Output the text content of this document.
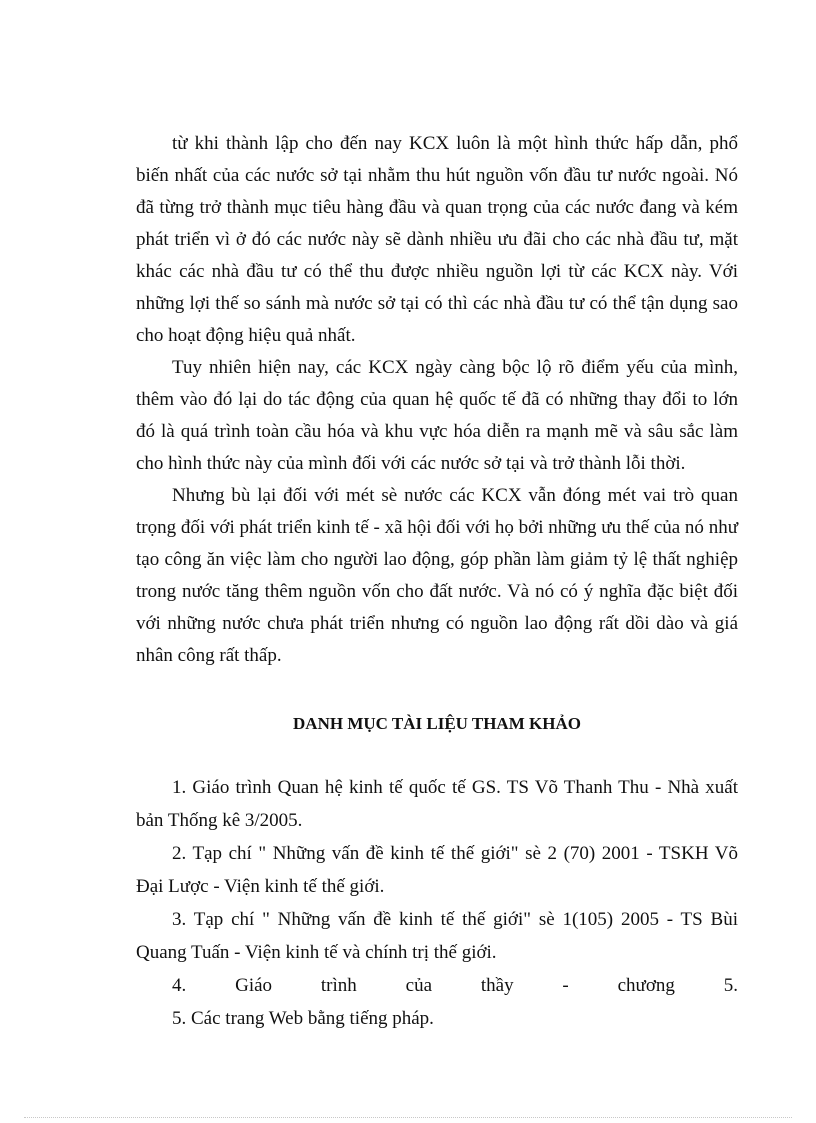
từ khi thành lập cho đến nay KCX luôn là một hình thức hấp dẫn, phổ biến nhất của các nước sở tại nhằm thu hút nguồn vốn đầu tư nước ngoài. Nó đã từng trở thành mục tiêu hàng đầu và quan trọng của các nước đang và kém phát triển vì ở đó các nước này sẽ dành nhiều ưu đãi cho các nhà đầu tư, mặt khác các nhà đầu tư có thể thu được nhiều nguồn lợi từ các KCX này. Với những lợi thế so sánh mà nước sở tại có thì các nhà đầu tư có thể tận dụng sao cho hoạt động hiệu quả nhất.

Tuy nhiên hiện nay, các KCX ngày càng bộc lộ rõ điểm yếu của mình, thêm vào đó lại do tác động của quan hệ quốc tế đã có những thay đổi to lớn đó là quá trình toàn cầu hóa và khu vực hóa diễn ra mạnh mẽ và sâu sắc làm cho hình thức này của mình đối với các nước sở tại và trở thành lỗi thời.

Nhưng bù lại đối với mét sè nước các KCX vẫn đóng mét vai trò quan trọng đối với phát triển kinh tế - xã hội đối với họ bởi những ưu thế của nó như tạo công ăn việc làm cho người lao động, góp phần làm giảm tỷ lệ thất nghiệp trong nước tăng thêm nguồn vốn cho đất nước. Và nó có ý nghĩa đặc biệt đối với những nước chưa phát triển nhưng có nguồn lao động rất dồi dào và giá nhân công rất thấp.

DANH MỤC TÀI LIỆU THAM KHẢO

1. Giáo trình Quan hệ kinh tế quốc tế GS. TS Võ Thanh Thu - Nhà xuất bản Thống kê 3/2005.

2. Tạp chí " Những vấn đề kinh tế thế giới" sè 2 (70) 2001 - TSKH Võ Đại Lược - Viện kinh tế thế giới.

3. Tạp chí " Những vấn đề kinh tế thế giới" sè 1(105) 2005 - TS Bùi Quang Tuấn - Viện kinh tế và chính trị thế giới.

4. Giáo trình của thầy - chương 5.

5. Các trang Web bằng tiếng pháp.
